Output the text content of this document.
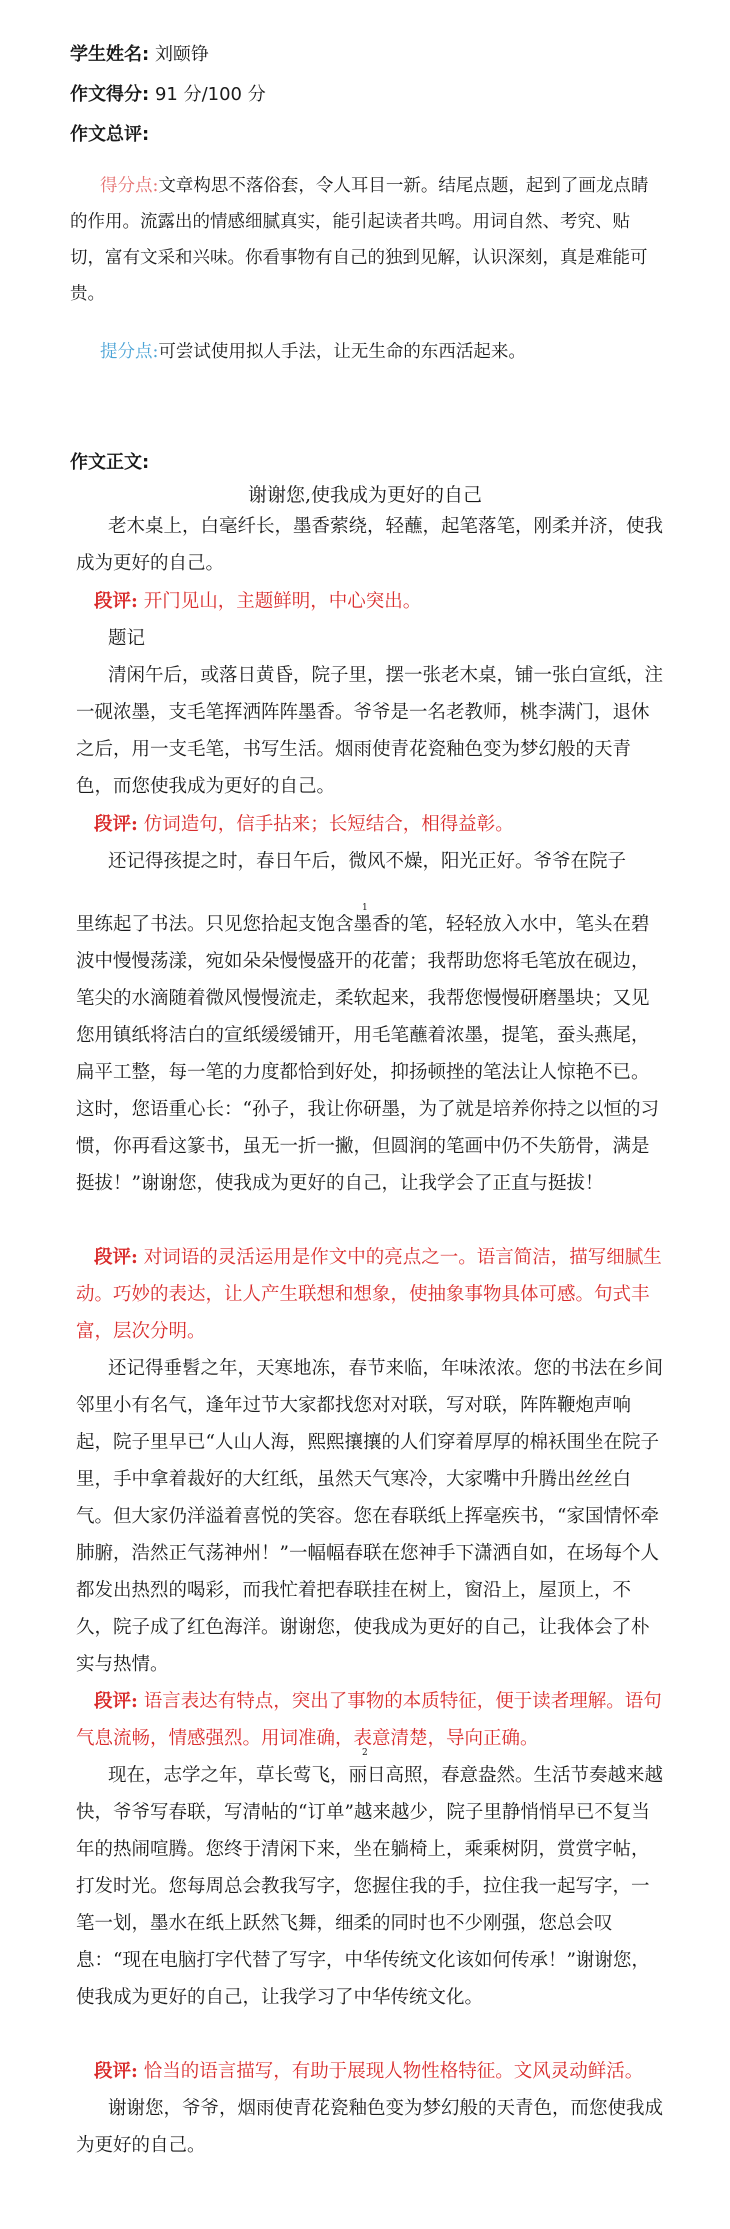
学生姓名: 刘颐铮
作文得分: 91 分/100 分
作文总评:
得分点:文章构思不落俗套，令人耳目一新。结尾点题，起到了画龙点睛的作用。流露出的情感细腻真实，能引起读者共鸣。用词自然、考究、贴切，富有文采和兴味。你看事物有自己的独到见解，认识深刻，真是难能可贵。
提分点:可尝试使用拟人手法，让无生命的东西活起来。
作文正文:
谢谢您,使我成为更好的自己
老木桌上，白毫纤长，墨香萦绕，轻蘸，起笔落笔，刚柔并济，使我成为更好的自己。
段评: 开门见山，主题鲜明，中心突出。
题记
清闲午后，或落日黄昏，院子里，摆一张老木桌，铺一张白宣纸，注一砚浓墨，支毛笔挥洒阵阵墨香。爷爷是一名老教师，桃李满门，退休之后，用一支毛笔，书写生活。烟雨使青花瓷釉色变为梦幻般的天青色，而您使我成为更好的自己。
段评: 仿词造句，信手拈来；长短结合，相得益彰。
还记得孩提之时，春日午后，微风不燥，阳光正好。爷爷在院子
1
里练起了书法。只见您拾起支饱含墨香的笔，轻轻放入水中，笔头在碧波中慢慢荡漾，宛如朵朵慢慢盛开的花蕾；我帮助您将毛笔放在砚边，笔尖的水滴随着微风慢慢流走，柔软起来，我帮您慢慢研磨墨块；又见您用镇纸将洁白的宣纸缓缓铺开，用毛笔蘸着浓墨，提笔，蚕头燕尾，扁平工整，每一笔的力度都恰到好处，抑扬顿挫的笔法让人惊艳不已。这时，您语重心长：“孙子，我让你研墨，为了就是培养你持之以恒的习惯，你再看这篆书，虽无一折一撇，但圆润的笔画中仍不失筋骨，满是挺拔！”谢谢您，使我成为更好的自己，让我学会了正直与挺拔！
段评: 对词语的灵活运用是作文中的亮点之一。语言简洁，描写细腻生动。巧妙的表达，让人产生联想和想象，使抽象事物具体可感。句式丰富，层次分明。
还记得垂髫之年，天寒地冻，春节来临，年味浓浓。您的书法在乡间邻里小有名气，逢年过节大家都找您对对联，写对联，阵阵鞭炮声响起，院子里早已“人山人海，熙熙攘攘的人们穿着厚厚的棉袄围坐在院子里，手中拿着裁好的大红纸，虽然天气寒冷，大家嘴中升腾出丝丝白气。但大家仍洋溢着喜悦的笑容。您在春联纸上挥毫疾书，“家国情怀牵肺腑，浩然正气荡神州！”一幅幅春联在您神手下潇洒自如，在场每个人都发出热烈的喝彩，而我忙着把春联挂在树上，窗沿上，屋顶上，不久，院子成了红色海洋。谢谢您，使我成为更好的自己，让我体会了朴实与热情。
段评: 语言表达有特点，突出了事物的本质特征，便于读者理解。语句气息流畅，情感强烈。用词准确，表意清楚，导向正确。
2
现在，志学之年，草长莺飞，丽日高照，春意盎然。生活节奏越来越快，爷爷写春联，写清帖的“订单”越来越少，院子里静悄悄早已不复当年的热闹喧腾。您终于清闲下来，坐在躺椅上，乘乘树阴，赏赏字帖，打发时光。您每周总会教我写字，您握住我的手，拉住我一起写字，一笔一划，墨水在纸上跃然飞舞，细柔的同时也不少刚强，您总会叹息：“现在电脑打字代替了写字，中华传统文化该如何传承！”谢谢您，使我成为更好的自己，让我学习了中华传统文化。
段评: 恰当的语言描写，有助于展现人物性格特征。文风灵动鲜活。
谢谢您，爷爷，烟雨使青花瓷釉色变为梦幻般的天青色，而您使我成为更好的自己。
